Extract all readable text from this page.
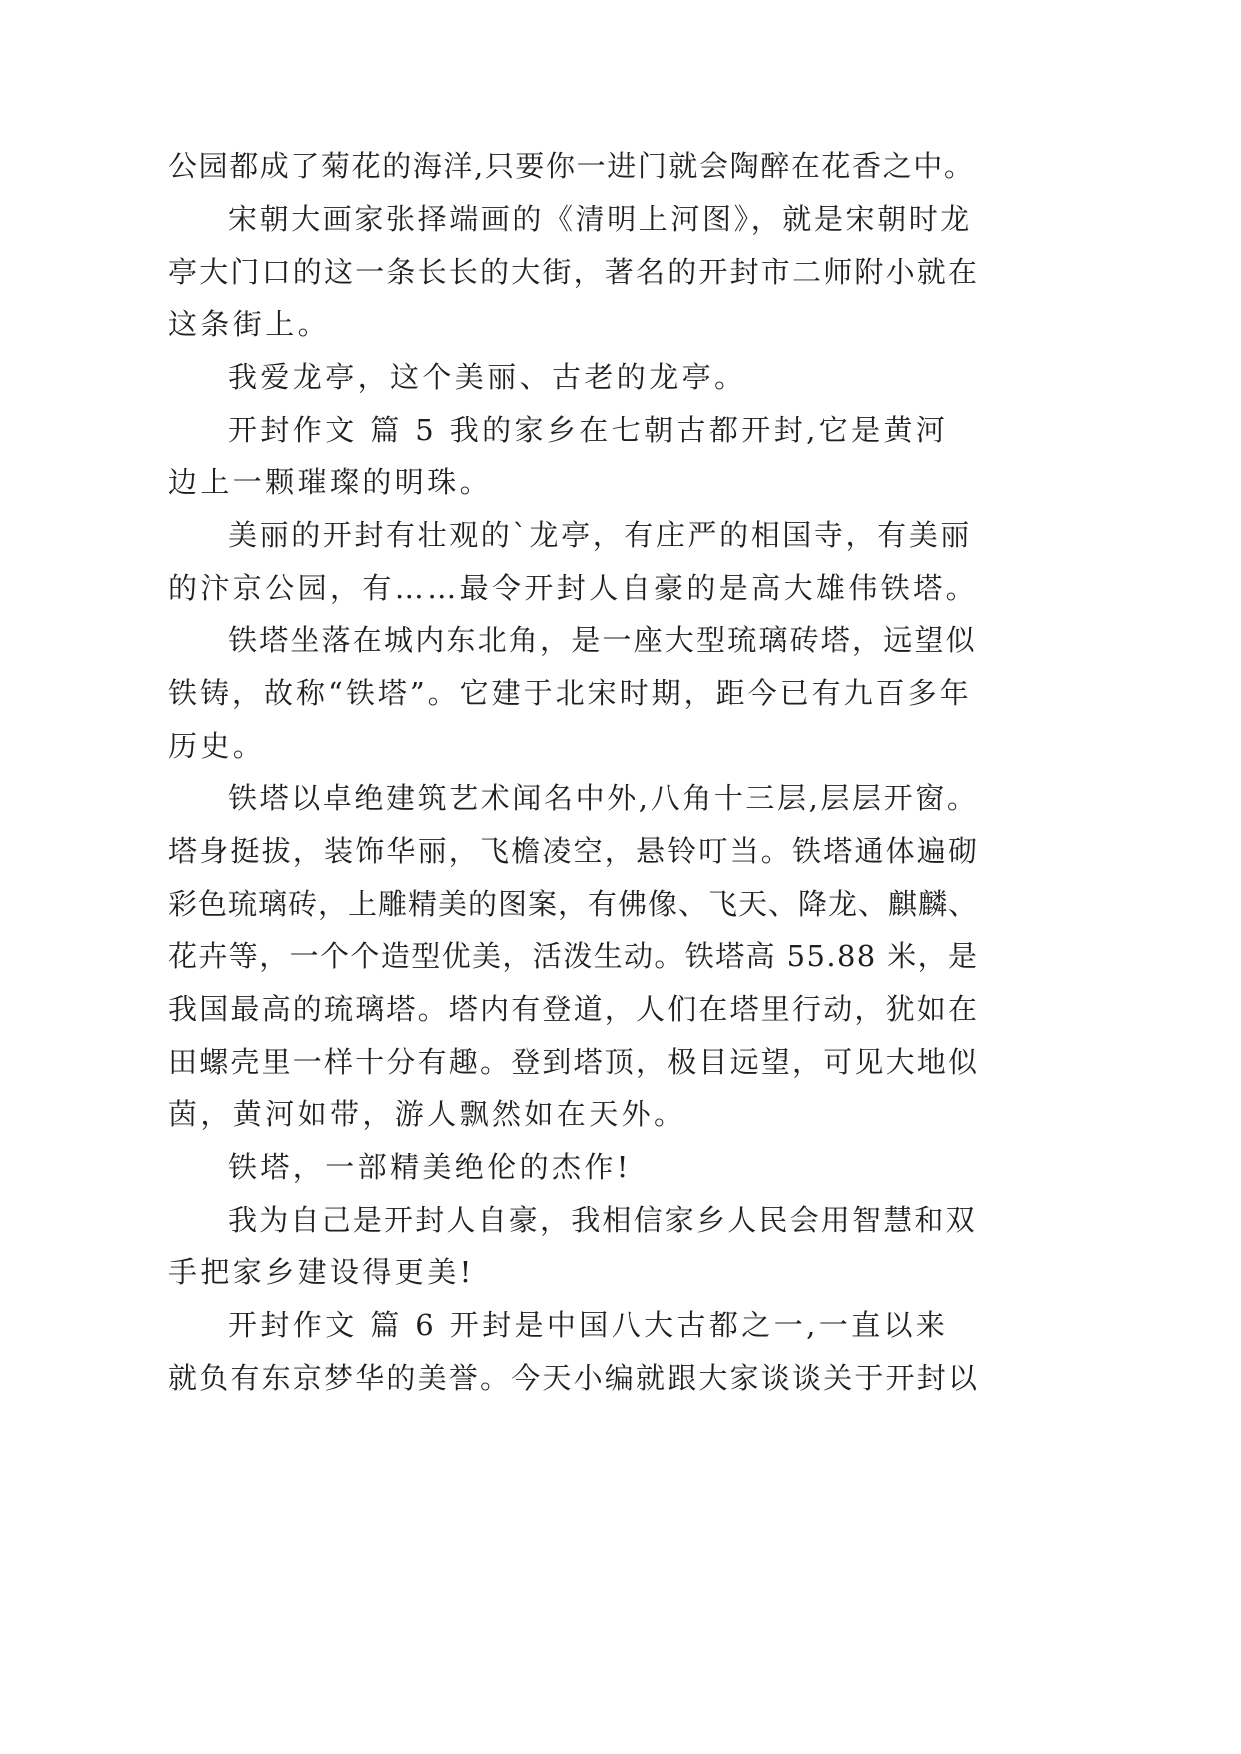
公园都成了菊花的海洋,只要你一进门就会陶醉在花香之中。
宋朝大画家张择端画的《清明上河图》，就是宋朝时龙
亭大门口的这一条长长的大街，著名的开封市二师附小就在
这条街上。
我爱龙亭，这个美丽、古老的龙亭。
开封作文 篇 5 我的家乡在七朝古都开封,它是黄河
边上一颗璀璨的明珠。
美丽的开封有壮观的`龙亭，有庄严的相国寺，有美丽
的汴京公园，有……最令开封人自豪的是高大雄伟铁塔。
铁塔坐落在城内东北角，是一座大型琉璃砖塔，远望似
铁铸，故称“铁塔”。它建于北宋时期，距今已有九百多年
历史。
铁塔以卓绝建筑艺术闻名中外,八角十三层,层层开窗。
塔身挺拔，装饰华丽，飞檐凌空，悬铃叮当。铁塔通体遍砌
彩色琉璃砖，上雕精美的图案，有佛像、飞天、降龙、麒麟、
花卉等，一个个造型优美，活泼生动。铁塔高 55.88 米，是
我国最高的琉璃塔。塔内有登道，人们在塔里行动，犹如在
田螺壳里一样十分有趣。登到塔顶，极目远望，可见大地似
茵，黄河如带，游人飘然如在天外。
铁塔，一部精美绝伦的杰作!
我为自己是开封人自豪，我相信家乡人民会用智慧和双
手把家乡建设得更美!
开封作文 篇 6 开封是中国八大古都之一,一直以来
就负有东京梦华的美誉。今天小编就跟大家谈谈关于开封以
